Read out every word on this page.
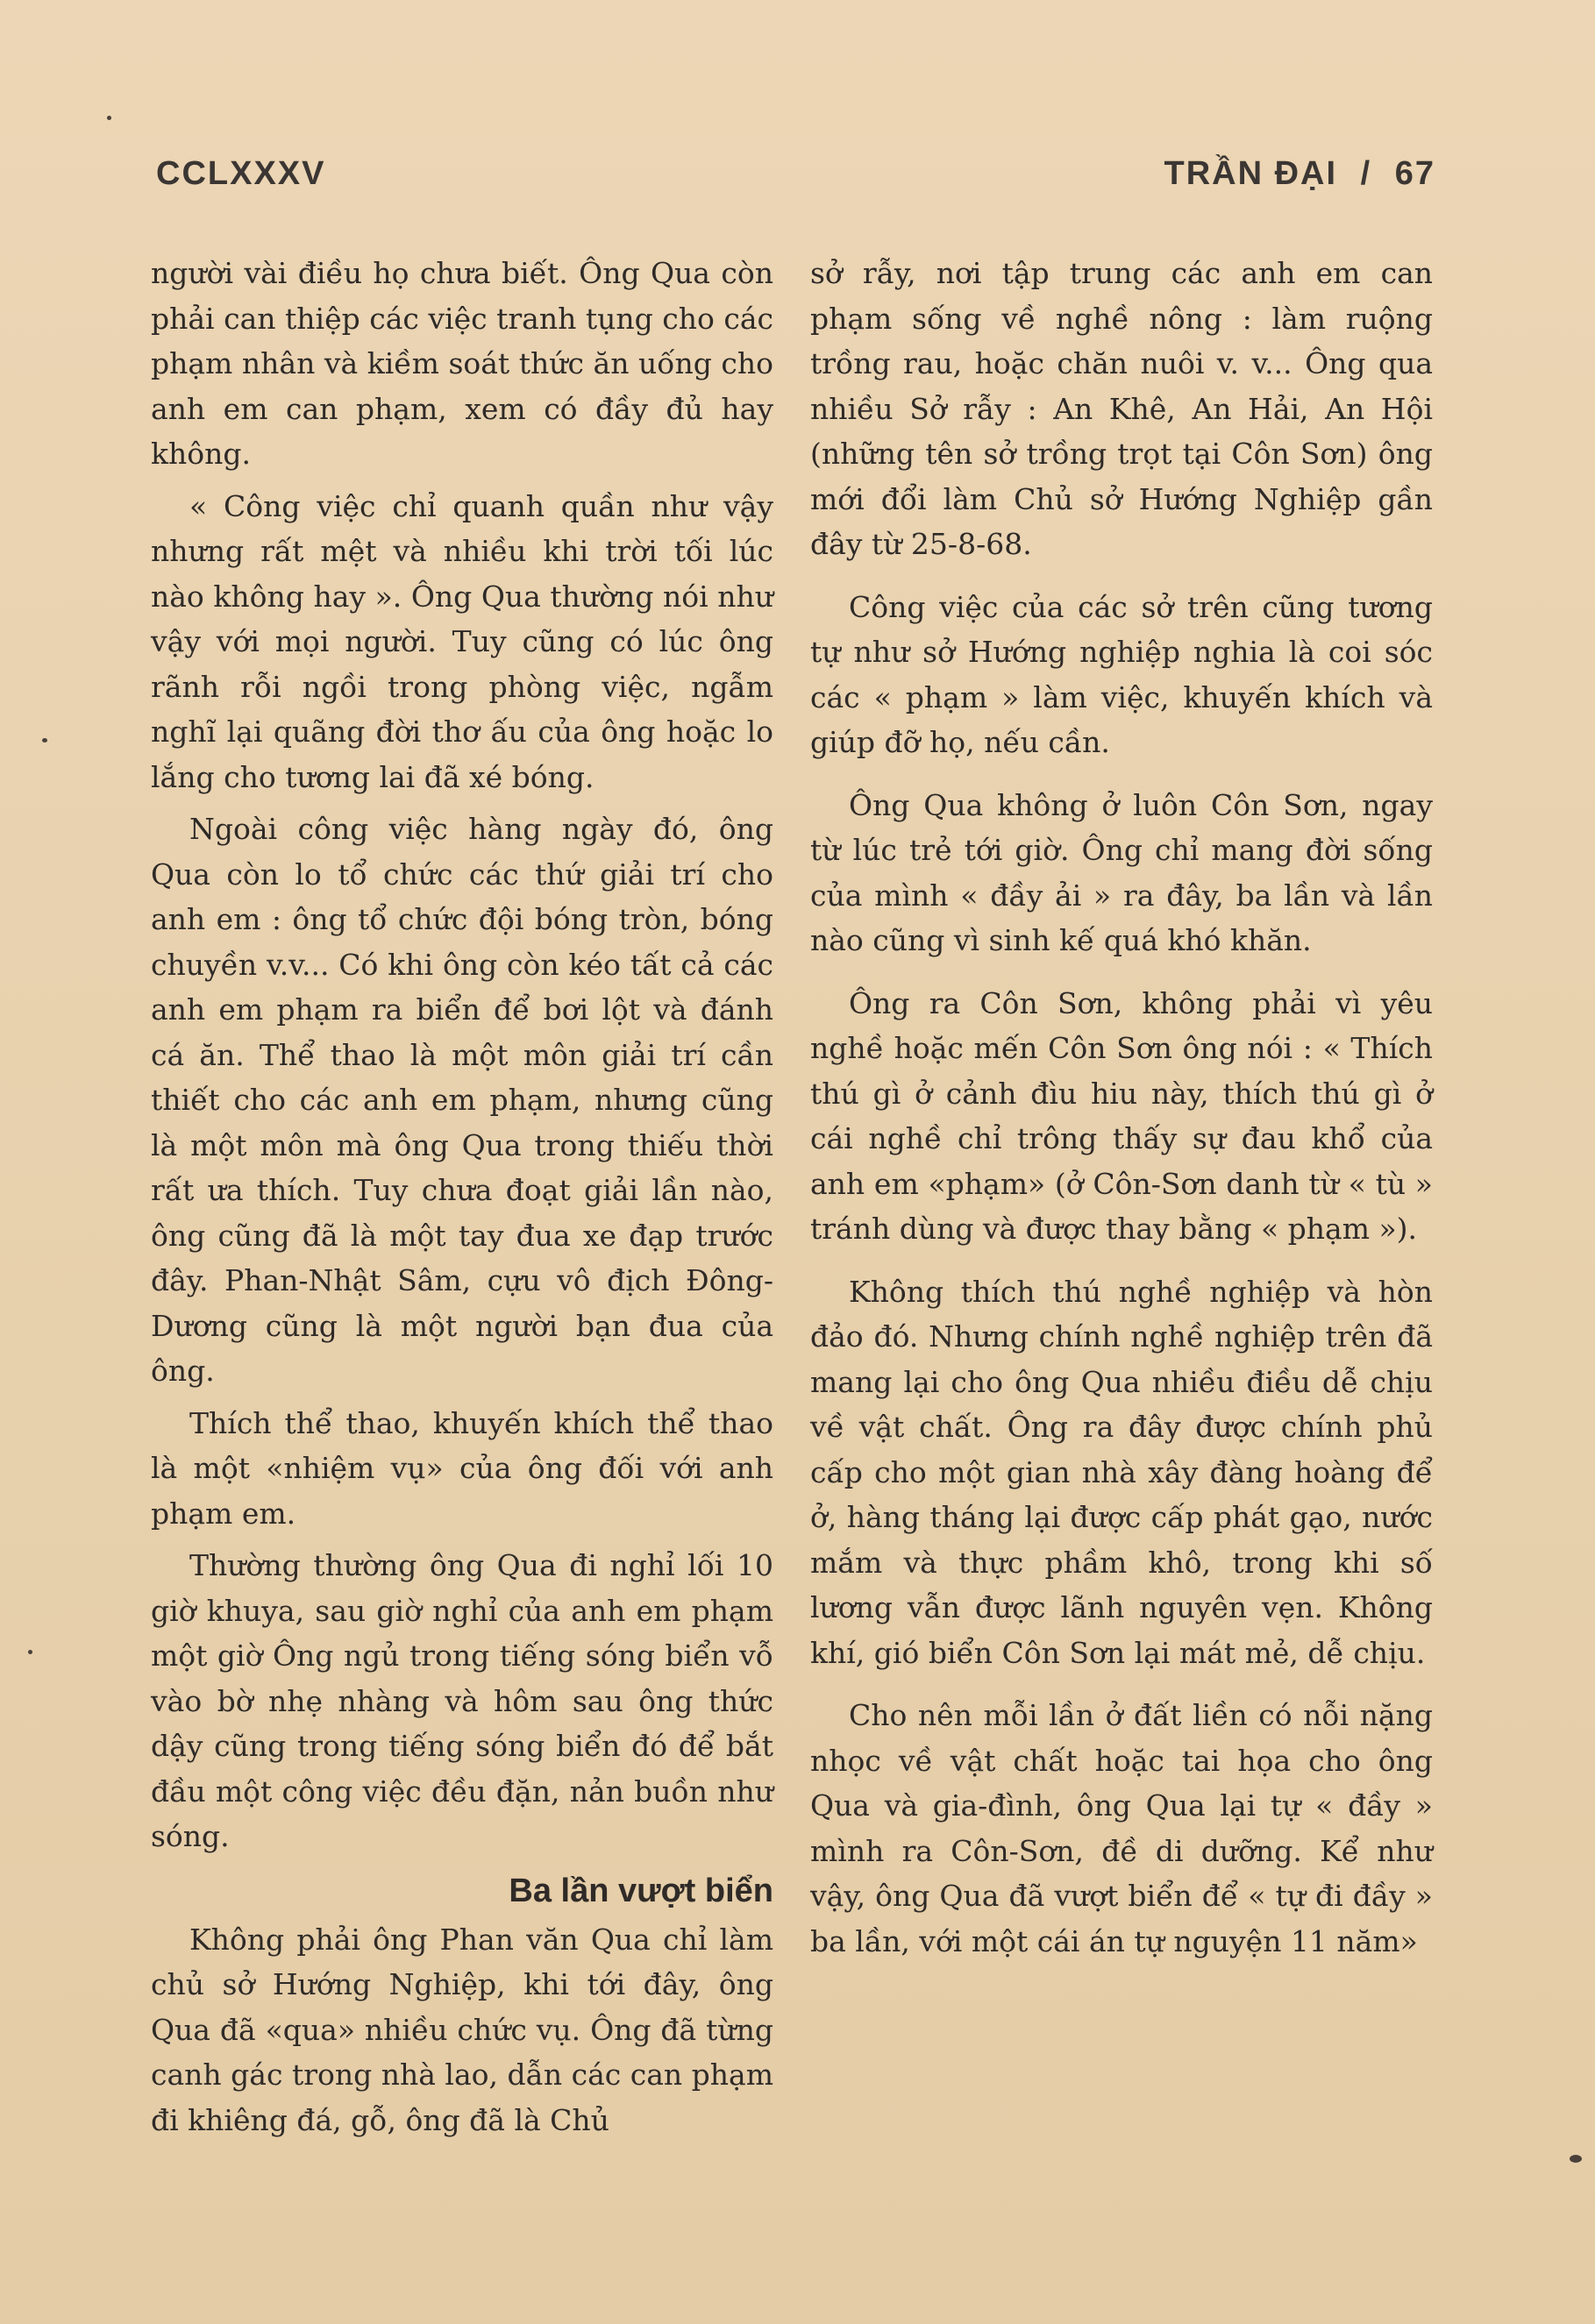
CCLXXXV	TRẦN ĐẠI / 67

người vài điều họ chưa biết. Ông Qua còn phải can thiệp các việc tranh tụng cho các phạm nhân và kiềm soát thức ăn uống cho anh em can phạm, xem có đầy đủ hay không.

« Công việc chỉ quanh quần như vậy nhưng rất mệt và nhiều khi trời tối lúc nào không hay ». Ông Qua thường nói như vậy với mọi người. Tuy cũng có lúc ông rãnh rỗi ngồi trong phòng việc, ngẫm nghĩ lại quãng đời thơ ấu của ông hoặc lo lắng cho tương lai đã xé bóng.

Ngoài công việc hàng ngày đó, ông Qua còn lo tổ chức các thứ giải trí cho anh em : ông tổ chức đội bóng tròn, bóng chuyền v.v... Có khi ông còn kéo tất cả các anh em phạm ra biển để bơi lột và đánh cá ăn. Thể thao là một môn giải trí cần thiết cho các anh em phạm, nhưng cũng là một môn mà ông Qua trong thiếu thời rất ưa thích. Tuy chưa đoạt giải lần nào, ông cũng đã là một tay đua xe đạp trước đây. Phan-Nhật Sâm, cựu vô địch Đông-Dương cũng là một người bạn đua của ông.

Thích thể thao, khuyến khích thể thao là một «nhiệm vụ» của ông đối với anh phạm em.

Thường thường ông Qua đi nghỉ lối 10 giờ khuya, sau giờ nghỉ của anh em phạm một giờ Ông ngủ trong tiếng sóng biển vỗ vào bờ nhẹ nhàng và hôm sau ông thức dậy cũng trong tiếng sóng biển đó để bắt đầu một công việc đều đặn, nản buồn như sóng.

Ba lần vượt biển

Không phải ông Phan văn Qua chỉ làm chủ sở Hướng Nghiệp, khi tới đây, ông Qua đã «qua» nhiều chức vụ. Ông đã từng canh gác trong nhà lao, dẫn các can phạm đi khiêng đá, gỗ, ông đã là Chủ

sở rẫy, nơi tập trung các anh em can phạm sống về nghề nông : làm ruộng trồng rau, hoặc chăn nuôi v. v... Ông qua nhiều Sở rẫy : An Khê, An Hải, An Hội (những tên sở trồng trọt tại Côn Sơn) ông mới đổi làm Chủ sở Hướng Nghiệp gần đây từ 25-8-68.

Công việc của các sở trên cũng tương tự như sở Hướng nghiệp nghia là coi sóc các « phạm » làm việc, khuyến khích và giúp đỡ họ, nếu cần.

Ông Qua không ở luôn Côn Sơn, ngay từ lúc trẻ tới giờ. Ông chỉ mang đời sống của mình « đầy ải » ra đây, ba lần và lần nào cũng vì sinh kế quá khó khăn.

Ông ra Côn Sơn, không phải vì yêu nghề hoặc mến Côn Sơn ông nói : « Thích thú gì ở cảnh đìu hiu này, thích thú gì ở cái nghề chỉ trông thấy sự đau khổ của anh em «phạm» (ở Côn-Sơn danh từ « tù » tránh dùng và được thay bằng « phạm »).

Không thích thú nghề nghiệp và hòn đảo đó. Nhưng chính nghề nghiệp trên đã mang lại cho ông Qua nhiều điều dễ chịu về vật chất. Ông ra đây được chính phủ cấp cho một gian nhà xây đàng hoàng để ở, hàng tháng lại được cấp phát gạo, nước mắm và thực phầm khô, trong khi số lương vẫn được lãnh nguyên vẹn. Không khí, gió biển Côn Sơn lại mát mẻ, dễ chịu.

Cho nên mỗi lần ở đất liền có nỗi nặng nhọc về vật chất hoặc tai họa cho ông Qua và gia-đình, ông Qua lại tự « đầy » mình ra Côn-Sơn, đề di dưỡng. Kể như vậy, ông Qua đã vượt biển để « tự đi đầy » ba lần, với một cái án tự nguyện 11 năm»
